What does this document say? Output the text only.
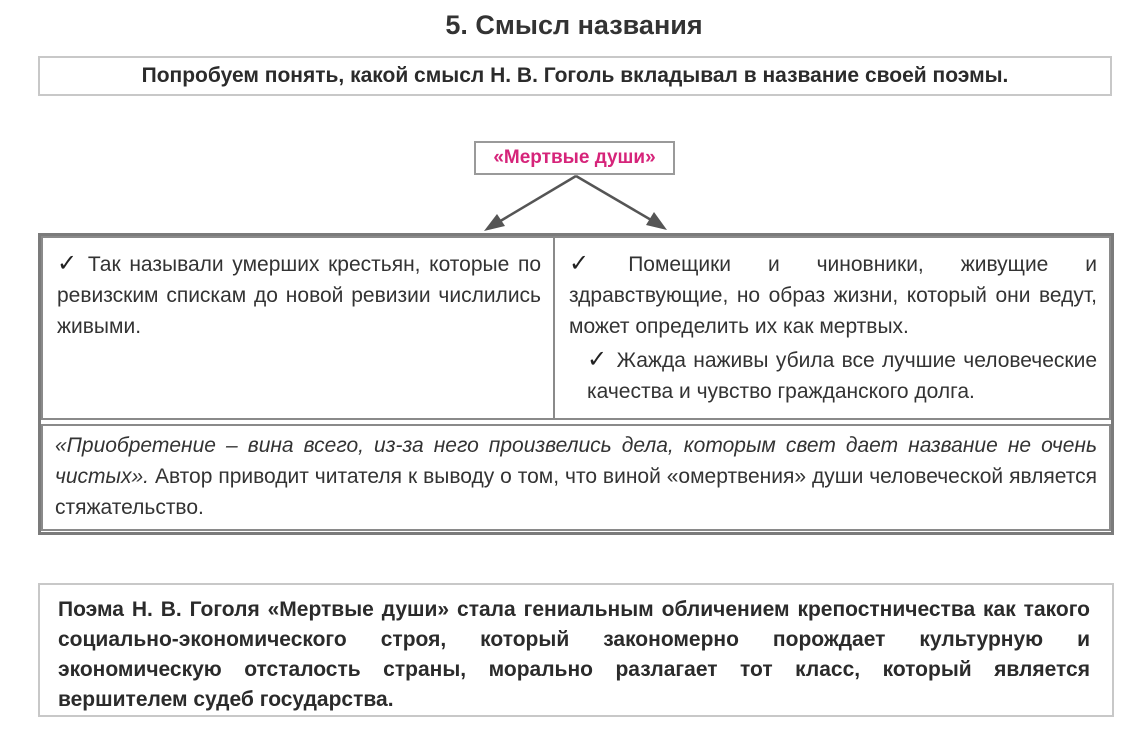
5. Смысл названия
Попробуем понять, какой смысл Н. В. Гоголь вкладывал в название своей поэмы.
«Мертвые души»
✓ Так называли умерших крестьян, которые по ревизским спискам до новой ревизии числились живыми.
✓ Помещики и чиновники, живущие и здравствующие, но образ жизни, который они ведут, может определить их как мертвых.
✓ Жажда наживы убила все лучшие человеческие качества и чувство гражданского долга.
«Приобретение – вина всего, из-за него произвелись дела, которым свет дает название не очень чистых». Автор приводит читателя к выводу о том, что виной «омертвения» души человеческой является стяжательство.
Поэма Н. В. Гоголя «Мертвые души» стала гениальным обличением крепостничества как такого социально-экономического строя, который закономерно порождает культурную и экономическую отсталость страны, морально разлагает тот класс, который является вершителем судеб государства.
